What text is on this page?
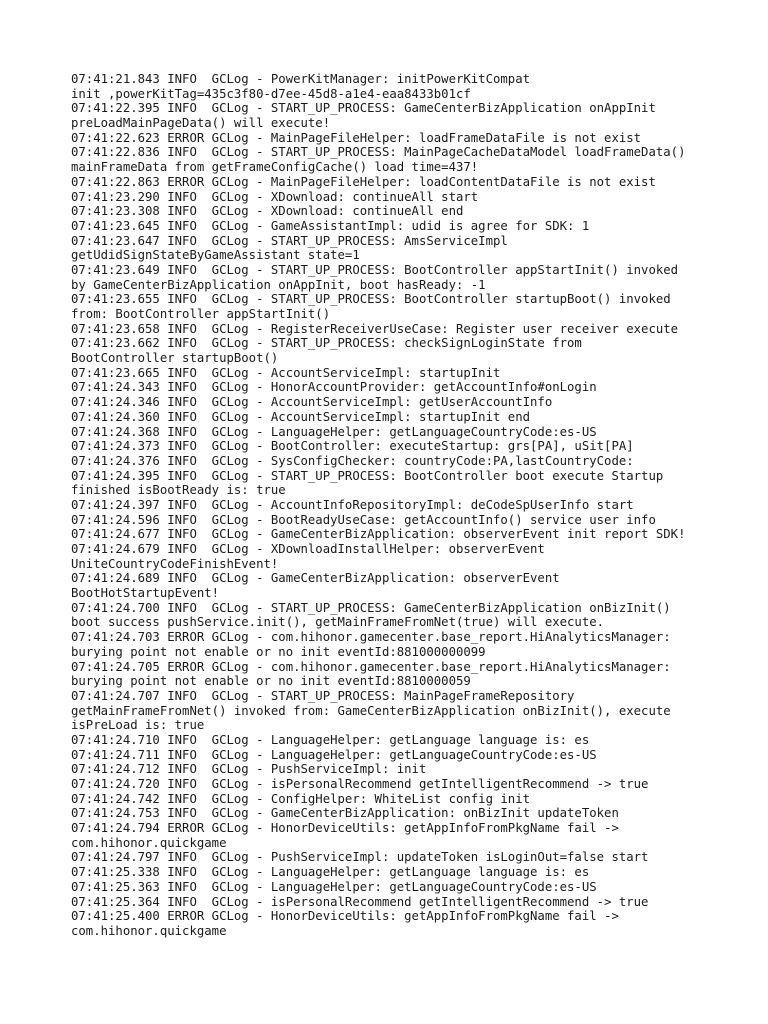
07:41:21.843 INFO  GCLog - PowerKitManager: initPowerKitCompat
init ,powerKitTag=435c3f80-d7ee-45d8-a1e4-eaa8433b01cf
07:41:22.395 INFO  GCLog - START_UP_PROCESS: GameCenterBizApplication onAppInit
preLoadMainPageData() will execute!
07:41:22.623 ERROR GCLog - MainPageFileHelper: loadFrameDataFile is not exist
07:41:22.836 INFO  GCLog - START_UP_PROCESS: MainPageCacheDataModel loadFrameData()
mainFrameData from getFrameConfigCache() load time=437!
07:41:22.863 ERROR GCLog - MainPageFileHelper: loadContentDataFile is not exist
07:41:23.290 INFO  GCLog - XDownload: continueAll start
07:41:23.308 INFO  GCLog - XDownload: continueAll end
07:41:23.645 INFO  GCLog - GameAssistantImpl: udid is agree for SDK: 1
07:41:23.647 INFO  GCLog - START_UP_PROCESS: AmsServiceImpl
getUdidSignStateByGameAssistant state=1
07:41:23.649 INFO  GCLog - START_UP_PROCESS: BootController appStartInit() invoked
by GameCenterBizApplication onAppInit, boot hasReady: -1
07:41:23.655 INFO  GCLog - START_UP_PROCESS: BootController startupBoot() invoked
from: BootController appStartInit()
07:41:23.658 INFO  GCLog - RegisterReceiverUseCase: Register user receiver execute
07:41:23.662 INFO  GCLog - START_UP_PROCESS: checkSignLoginState from
BootController startupBoot()
07:41:23.665 INFO  GCLog - AccountServiceImpl: startupInit
07:41:24.343 INFO  GCLog - HonorAccountProvider: getAccountInfo#onLogin
07:41:24.346 INFO  GCLog - AccountServiceImpl: getUserAccountInfo
07:41:24.360 INFO  GCLog - AccountServiceImpl: startupInit end
07:41:24.368 INFO  GCLog - LanguageHelper: getLanguageCountryCode:es-US
07:41:24.373 INFO  GCLog - BootController: executeStartup: grs[PA], uSit[PA]
07:41:24.376 INFO  GCLog - SysConfigChecker: countryCode:PA,lastCountryCode:
07:41:24.395 INFO  GCLog - START_UP_PROCESS: BootController boot execute Startup
finished isBootReady is: true
07:41:24.397 INFO  GCLog - AccountInfoRepositoryImpl: deCodeSpUserInfo start
07:41:24.596 INFO  GCLog - BootReadyUseCase: getAccountInfo() service user info
07:41:24.677 INFO  GCLog - GameCenterBizApplication: observerEvent init report SDK!
07:41:24.679 INFO  GCLog - XDownloadInstallHelper: observerEvent
UniteCountryCodeFinishEvent!
07:41:24.689 INFO  GCLog - GameCenterBizApplication: observerEvent
BootHotStartupEvent!
07:41:24.700 INFO  GCLog - START_UP_PROCESS: GameCenterBizApplication onBizInit()
boot success pushService.init(), getMainFrameFromNet(true) will execute.
07:41:24.703 ERROR GCLog - com.hihonor.gamecenter.base_report.HiAnalyticsManager:
burying point not enable or no init eventId:881000000099
07:41:24.705 ERROR GCLog - com.hihonor.gamecenter.base_report.HiAnalyticsManager:
burying point not enable or no init eventId:8810000059
07:41:24.707 INFO  GCLog - START_UP_PROCESS: MainPageFrameRepository
getMainFrameFromNet() invoked from: GameCenterBizApplication onBizInit(), execute
isPreLoad is: true
07:41:24.710 INFO  GCLog - LanguageHelper: getLanguage language is: es
07:41:24.711 INFO  GCLog - LanguageHelper: getLanguageCountryCode:es-US
07:41:24.712 INFO  GCLog - PushServiceImpl: init
07:41:24.720 INFO  GCLog - isPersonalRecommend getIntelligentRecommend -> true
07:41:24.742 INFO  GCLog - ConfigHelper: WhiteList config init
07:41:24.753 INFO  GCLog - GameCenterBizApplication: onBizInit updateToken
07:41:24.794 ERROR GCLog - HonorDeviceUtils: getAppInfoFromPkgName fail ->
com.hihonor.quickgame
07:41:24.797 INFO  GCLog - PushServiceImpl: updateToken isLoginOut=false start
07:41:25.338 INFO  GCLog - LanguageHelper: getLanguage language is: es
07:41:25.363 INFO  GCLog - LanguageHelper: getLanguageCountryCode:es-US
07:41:25.364 INFO  GCLog - isPersonalRecommend getIntelligentRecommend -> true
07:41:25.400 ERROR GCLog - HonorDeviceUtils: getAppInfoFromPkgName fail ->
com.hihonor.quickgame
